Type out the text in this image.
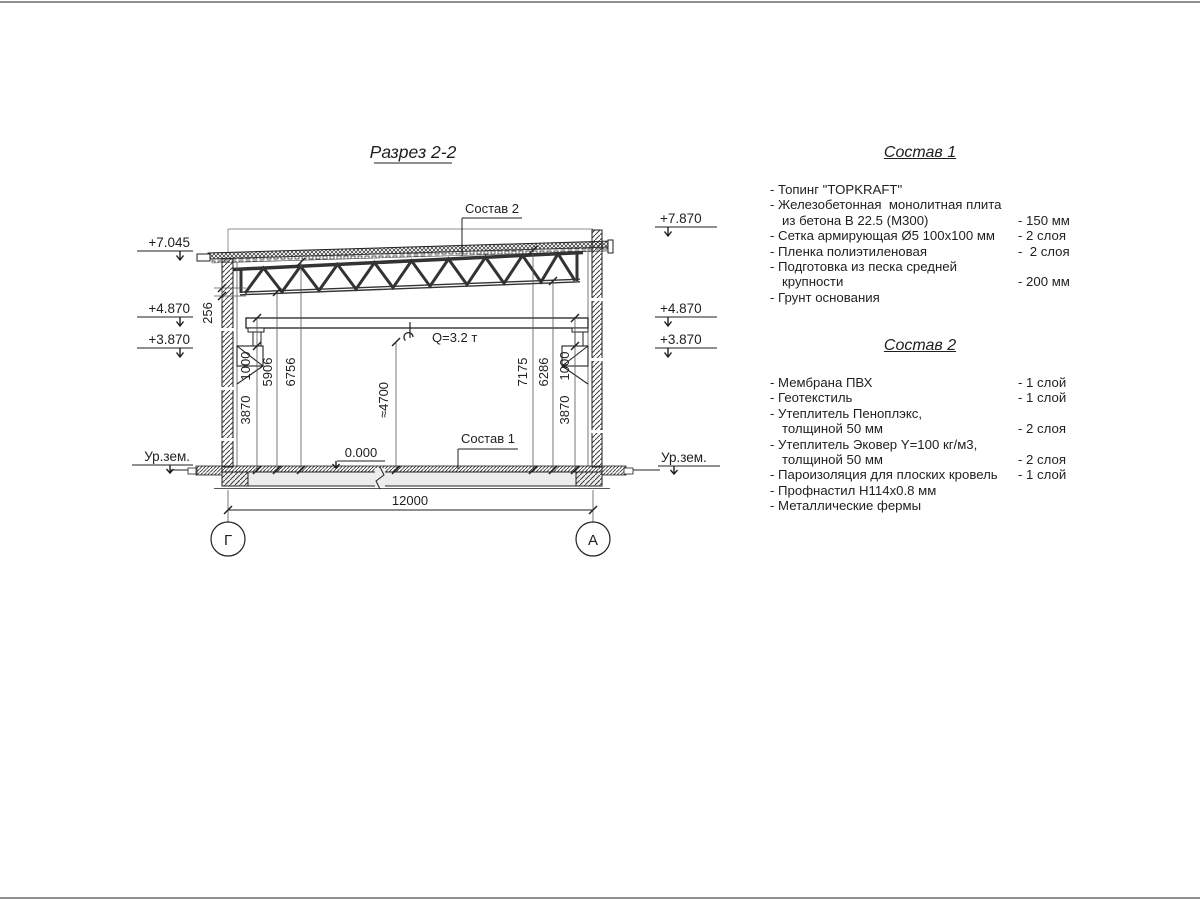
Разрез 2-2
Q=3.2 т
3870
1000 5906 6756
≈4700
7175 6286 1000
3870
256
12000
Г	А
+7.045
+4.870
+3.870
Ур.зем.
+7.870
+4.870
+3.870
Ур.зем.
0.000
Состав 2
Состав 1
Состав 1
- Топинг "TOPKRAFT"
- Железобетонная  монолитная плита
из бетона В 22.5 (М300)	- 150 мм
- Сетка армирующая Ø5 100х100 мм - 2 слоя
- Пленка полиэтиленовая	-  2 слоя
- Подготовка из песка средней
крупности	- 200 мм
- Грунт основания
Состав 2
- Мембрана ПВХ	- 1 слой
- Геотекстиль	- 1 слой
- Утеплитель Пеноплэкс,
толщиной 50 мм	- 2 слоя
- Утеплитель Эковер Y=100 кг/м3,
толщиной 50 мм	- 2 слоя
- Пароизоляция для плоских кровель - 1 слой
- Профнастил Н114х0.8 мм
- Металлические фермы
